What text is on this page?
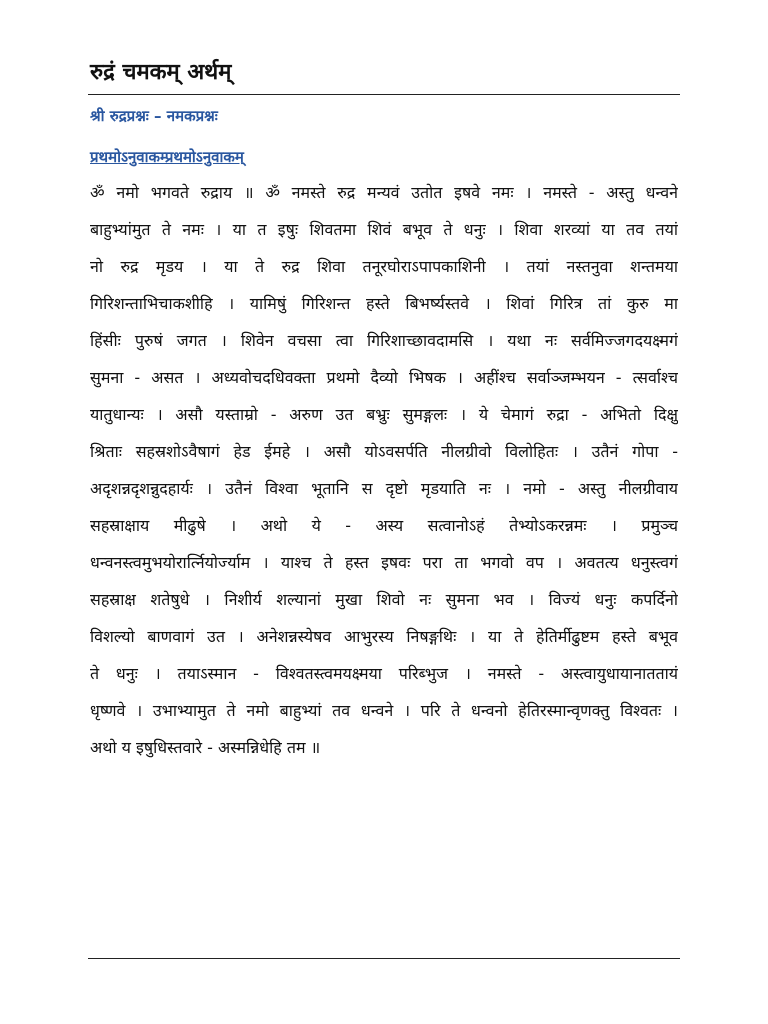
रुद्रं चमकम् अर्थम्
श्री रुद्रप्रश्नः – नमकप्रश्नः
प्रथमोऽनुवाकम्प्रथमोऽनुवाकम्
ॐ नमो भगवते रुद्राय ॥ ॐ नमस्ते रुद्र मन्यवं उतोत इषवे नमः । नमस्ते - अस्तु धन्वने
बाहुभ्यांमुत ते नमः । या त इषुः शिवतमा शिवं बभूव ते धनुः । शिवा शरव्यां या तव तयां
नो रुद्र मृडय । या ते रुद्र शिवा तनूरघोराऽपापकाशिनी । तयां नस्तनुवा शन्तमया
गिरिशन्ताभिचाकशीहि । यामिषुं गिरिशन्त हस्ते बिभर्ष्यस्तवे । शिवां गिरित्र तां कुरु मा
हिंसीः पुरुषं जगत । शिवेन वचसा त्वा गिरिशाच्छावदामसि । यथा नः सर्वमिज्जगदयक्ष्मगं
सुमना - असत । अध्यवोचदधिवक्ता प्रथमो दैव्यो भिषक । अहींश्च सर्वाञ्जम्भयन - त्सर्वाश्च
यातुधान्यः । असौ यस्ताम्रो - अरुण उत बभ्रुः सुमङ्गलः । ये चेमागं रुद्रा - अभितो दिक्षु
श्रिताः सहस्रशोऽवैषागं हेड ईमहे । असौ योऽवसर्पति नीलग्रीवो विलोहितः । उतैनं गोपा -
अदृशन्नदृशन्नुदहार्यः । उतैनं विश्वा भूतानि स दृष्टो मृडयाति नः । नमो - अस्तु नीलग्रीवाय
सहस्राक्षाय मीढुषे । अथो ये - अस्य सत्वानोऽहं तेभ्योऽकरन्नमः । प्रमुञ्च
धन्वनस्त्वमुभयोरार्त्नियोर्ज्याम । याश्च ते हस्त इषवः परा ता भगवो वप । अवतत्य धनुस्त्वगं
सहस्राक्ष शतेषुधे । निशीर्य शल्यानां मुखा शिवो नः सुमना भव । विज्यं धनुः कपर्दिनो
विशल्यो बाणवागं उत । अनेशन्नस्येषव आभुरस्य निषङ्गथिः । या ते हेतिर्मीढुष्टम हस्ते बभूव
ते धनुः । तयाऽस्मान - विश्वतस्त्वमयक्ष्मया परिब्भुज । नमस्ते - अस्त्वायुधायानाततायं
धृष्णवे । उभाभ्यामुत ते नमो बाहुभ्यां तव धन्वने । परि ते धन्वनो हेतिरस्मान्वृणक्तु विश्वतः ।
अथो य इषुधिस्तवारे - अस्मन्निधेहि तम ॥
